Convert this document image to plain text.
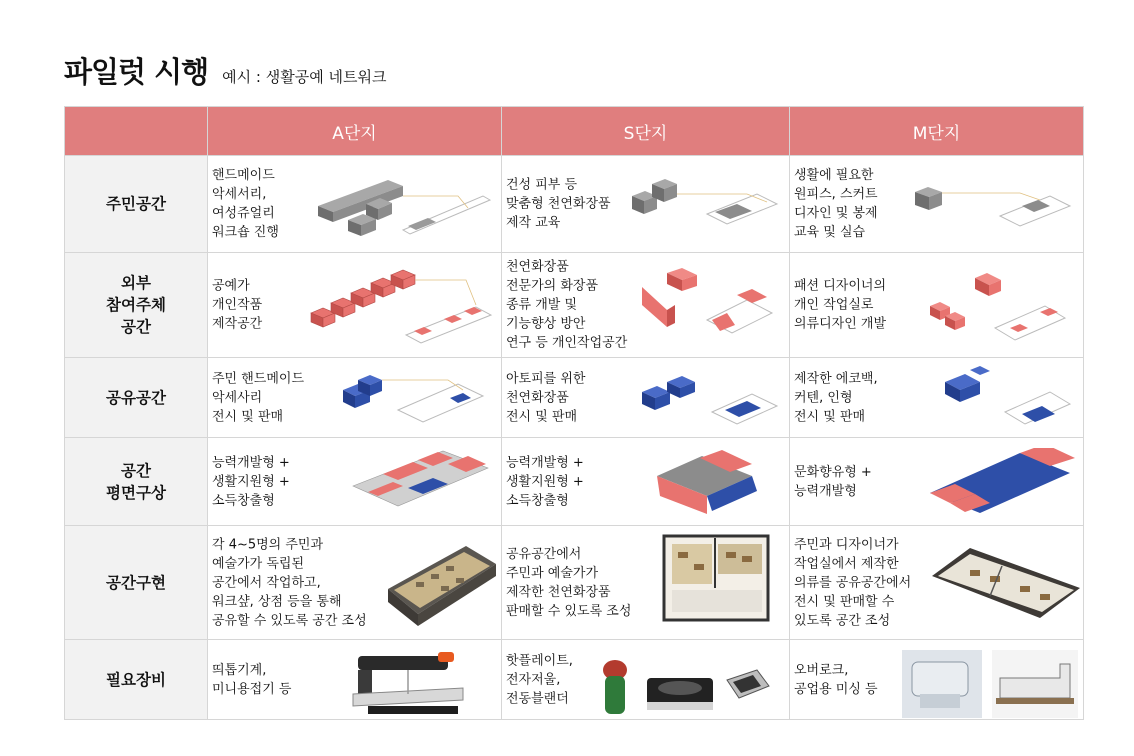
파일럿 시행 예시 : 생활공예 네트워크
	A단지	S단지	M단지
주민공간	핸드메이드
악세서리,
여성쥬얼리
워크숍 진행	건성 피부 등
맞춤형 천연화장품
제작 교육	생활에 필요한
원피스, 스커트
디자인 및 봉제
교육 및 실습

외부
참여주체
공간	공예가
개인작품
제작공간	천연화장품
전문가의 화장품
종류 개발 및
기능향상 방안
연구 등 개인작업공간	패션 디자이너의
개인 작업실로
의류디자인 개발

공유공간	주민 핸드메이드
악세사리
전시 및 판매	아토피를 위한
천연화장품
전시 및 판매	제작한 에코백,
커텐, 인형
전시 및 판매

공간
평면구상	능력개발형 +
생활지원형 +
소득창출형	능력개발형 +
생활지원형 +
소득창출형	문화향유형 +
능력개발형

공간구현	각 4~5명의 주민과
예술가가 독립된
공간에서 작업하고,
워크샾, 상점 등을 통해
공유할 수 있도록 공간 조성	공유공간에서
주민과 예술가가
제작한 천연화장품
판매할 수 있도록 조성	주민과 디자이너가
작업실에서 제작한
의류를 공유공간에서
전시 및 판매할 수
있도록 공간 조성

필요장비	띄톱기계,
미니용접기 등	핫플레이트,
전자저울,
전동블랜더	오버로크,
공업용 미싱 등
